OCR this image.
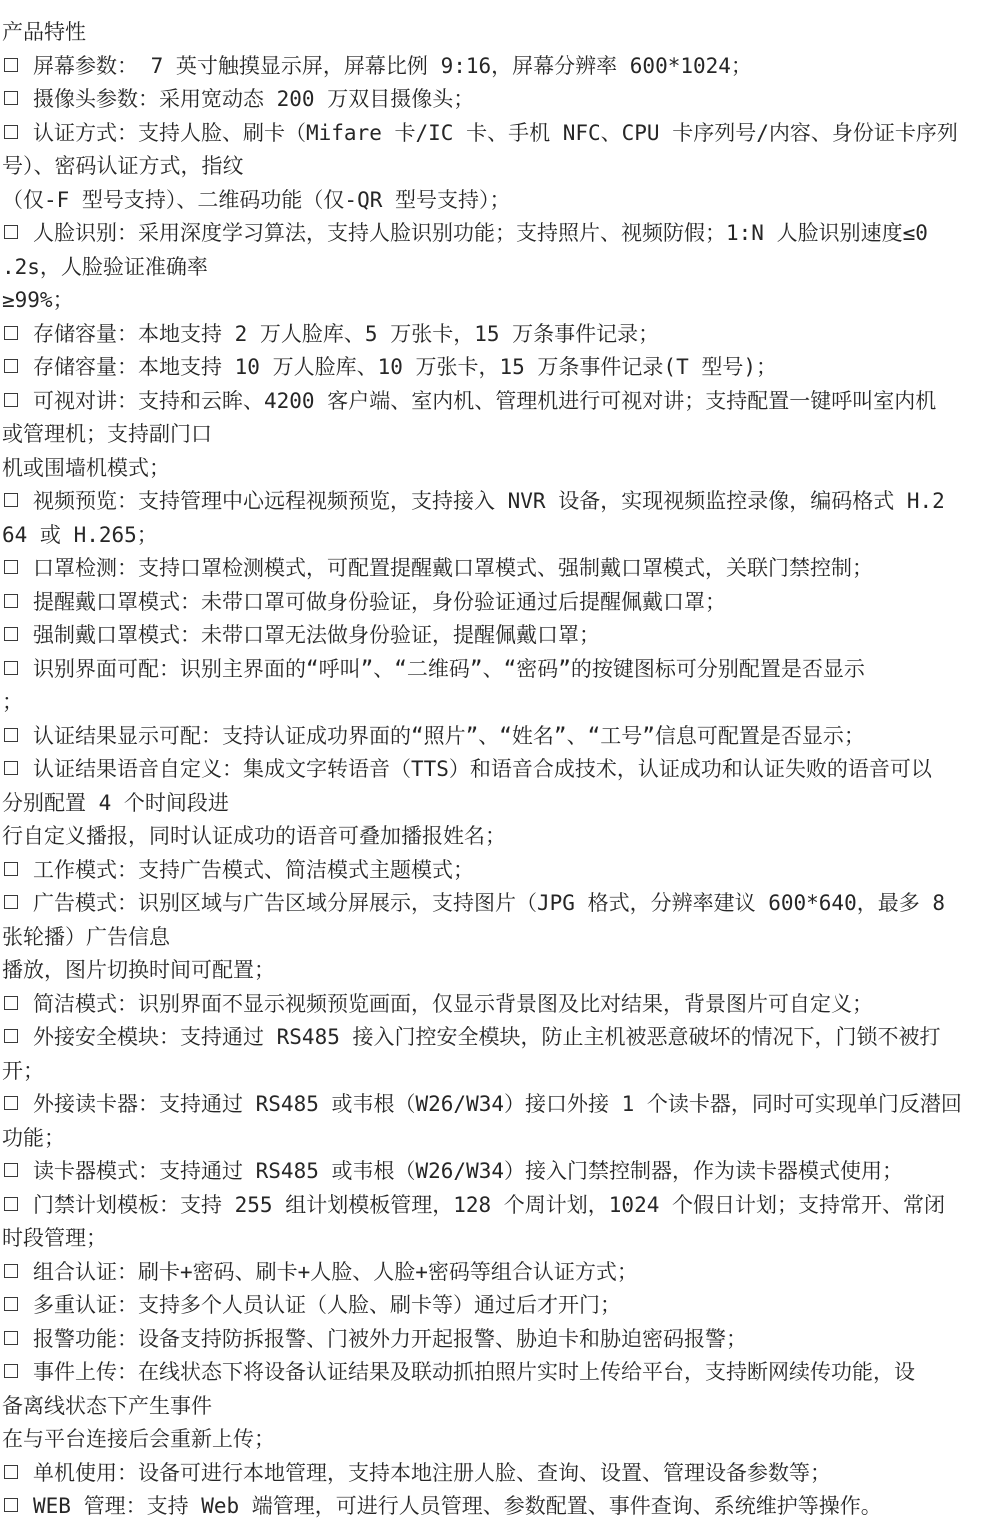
产品特性
屏幕参数： 7 英寸触摸显示屏，屏幕比例 9:16，屏幕分辨率 600*1024；
摄像头参数：采用宽动态 200 万双目摄像头；
认证方式：支持人脸、刷卡（Mifare 卡/IC 卡、手机 NFC、CPU 卡序列号/内容、身份证卡序列
号）、密码认证方式，指纹
（仅-F 型号支持）、二维码功能（仅-QR 型号支持）；
人脸识别：采用深度学习算法，支持人脸识别功能；支持照片、视频防假；1:N 人脸识别速度≤0
.2s，人脸验证准确率
≥99%；
存储容量：本地支持 2 万人脸库、5 万张卡，15 万条事件记录；
存储容量：本地支持 10 万人脸库、10 万张卡，15 万条事件记录(T 型号)；
可视对讲：支持和云眸、4200 客户端、室内机、管理机进行可视对讲；支持配置一键呼叫室内机
或管理机；支持副门口
机或围墙机模式；
视频预览：支持管理中心远程视频预览，支持接入 NVR 设备，实现视频监控录像，编码格式 H.2
64 或 H.265；
口罩检测：支持口罩检测模式，可配置提醒戴口罩模式、强制戴口罩模式，关联门禁控制；
提醒戴口罩模式：未带口罩可做身份验证，身份验证通过后提醒佩戴口罩；
强制戴口罩模式：未带口罩无法做身份验证，提醒佩戴口罩；
识别界面可配：识别主界面的“呼叫”、“二维码”、“密码”的按键图标可分别配置是否显示
；
认证结果显示可配：支持认证成功界面的“照片”、“姓名”、“工号”信息可配置是否显示；
认证结果语音自定义：集成文字转语音（TTS）和语音合成技术，认证成功和认证失败的语音可以
分别配置 4 个时间段进
行自定义播报，同时认证成功的语音可叠加播报姓名；
工作模式：支持广告模式、简洁模式主题模式；
广告模式：识别区域与广告区域分屏展示，支持图片（JPG 格式，分辨率建议 600*640，最多 8
张轮播）广告信息
播放，图片切换时间可配置；
简洁模式：识别界面不显示视频预览画面，仅显示背景图及比对结果，背景图片可自定义；
外接安全模块：支持通过 RS485 接入门控安全模块，防止主机被恶意破坏的情况下，门锁不被打
开；
外接读卡器：支持通过 RS485 或韦根（W26/W34）接口外接 1 个读卡器，同时可实现单门反潜回
功能；
读卡器模式：支持通过 RS485 或韦根（W26/W34）接入门禁控制器，作为读卡器模式使用；
门禁计划模板：支持 255 组计划模板管理，128 个周计划，1024 个假日计划；支持常开、常闭
时段管理；
组合认证：刷卡+密码、刷卡+人脸、人脸+密码等组合认证方式；
多重认证：支持多个人员认证（人脸、刷卡等）通过后才开门；
报警功能：设备支持防拆报警、门被外力开起报警、胁迫卡和胁迫密码报警；
事件上传：在线状态下将设备认证结果及联动抓拍照片实时上传给平台，支持断网续传功能，设
备离线状态下产生事件
在与平台连接后会重新上传；
单机使用：设备可进行本地管理，支持本地注册人脸、查询、设置、管理设备参数等；
WEB 管理：支持 Web 端管理，可进行人员管理、参数配置、事件查询、系统维护等操作。
